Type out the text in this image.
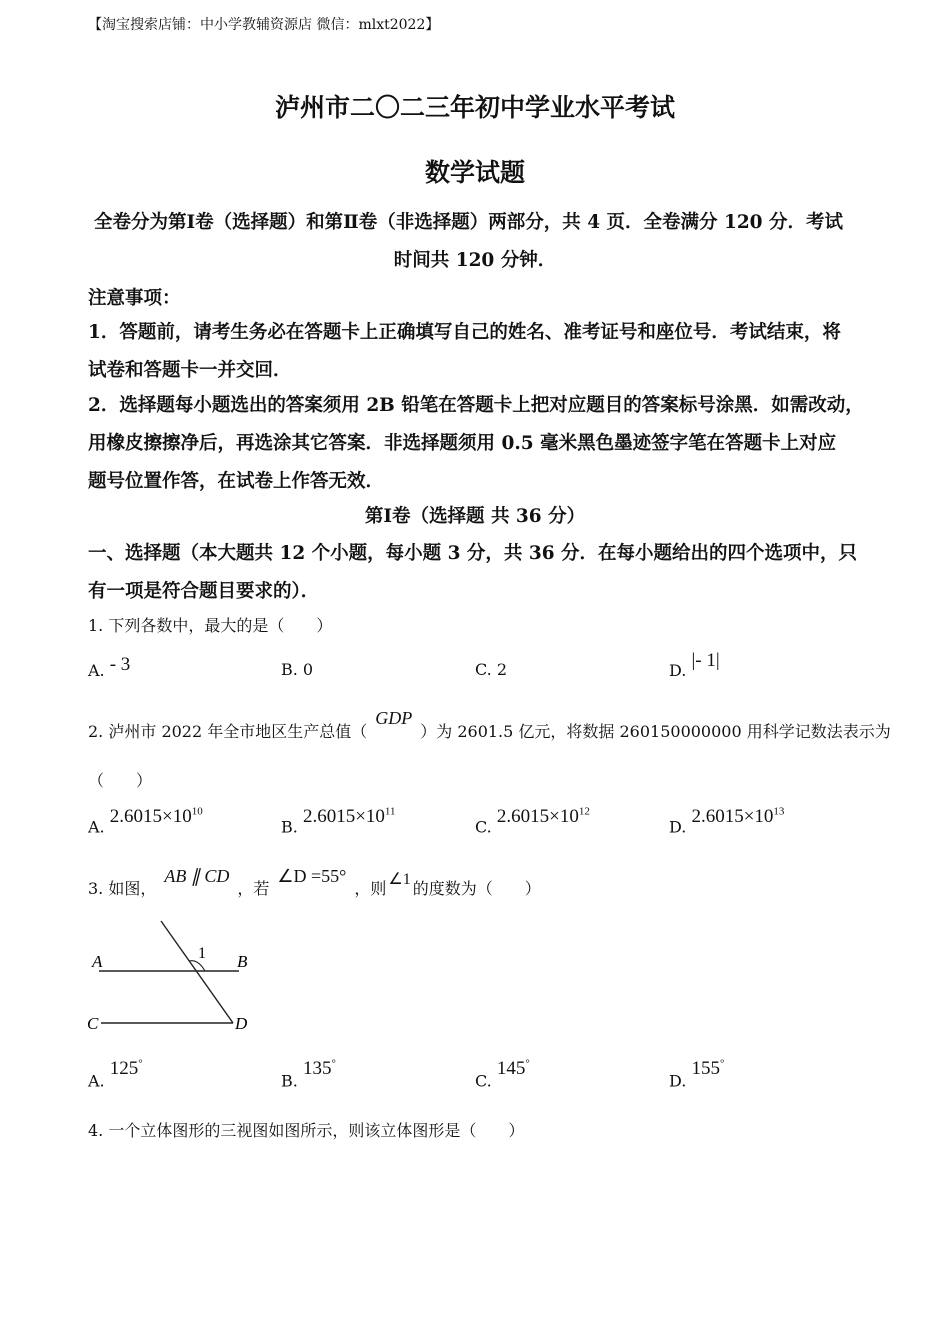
【淘宝搜索店铺：中小学教辅资源店 微信：mlxt2022】
泸州市二〇二三年初中学业水平考试
数学试题
全卷分为第Ⅰ卷（选择题）和第Ⅱ卷（非选择题）两部分，共 4 页．全卷满分 120 分．考试
时间共 120 分钟．
注意事项：
1．答题前，请考生务必在答题卡上正确填写自己的姓名、准考证号和座位号．考试结束，将
试卷和答题卡一并交回．
2．选择题每小题选出的答案须用 2B 铅笔在答题卡上把对应题目的答案标号涂黑．如需改动，
用橡皮擦擦净后，再选涂其它答案．非选择题须用 0.5 毫米黑色墨迹签字笔在答题卡上对应
题号位置作答，在试卷上作答无效．
第Ⅰ卷（选择题 共 36 分）
一、选择题（本大题共 12 个小题，每小题 3 分，共 36 分．在每小题给出的四个选项中，只
有一项是符合题目要求的）．
1. 下列各数中，最大的是（　　）
A. - 3	B. 0	C. 2	D. |- 1|
2. 泸州市 2022 年全市地区生产总值（GDP）为 2601.5 亿元，将数据 260150000000 用科学记数法表示为
（　　）
A. $2.6015\times 10^{10}$
B. $2.6015\times 10^{11}$
C. $2.6015\times 10^{12}$
D. $2.6015\times 10^{13}$
3. 如图，AB ∥ CD，若∠D =55°，则 ∠1 的度数为（　　）
A	B
C	D
1
A. 125°
B. 135°
C. 145°
D. 155°
4. 一个立体图形的三视图如图所示，则该立体图形是（　　）
